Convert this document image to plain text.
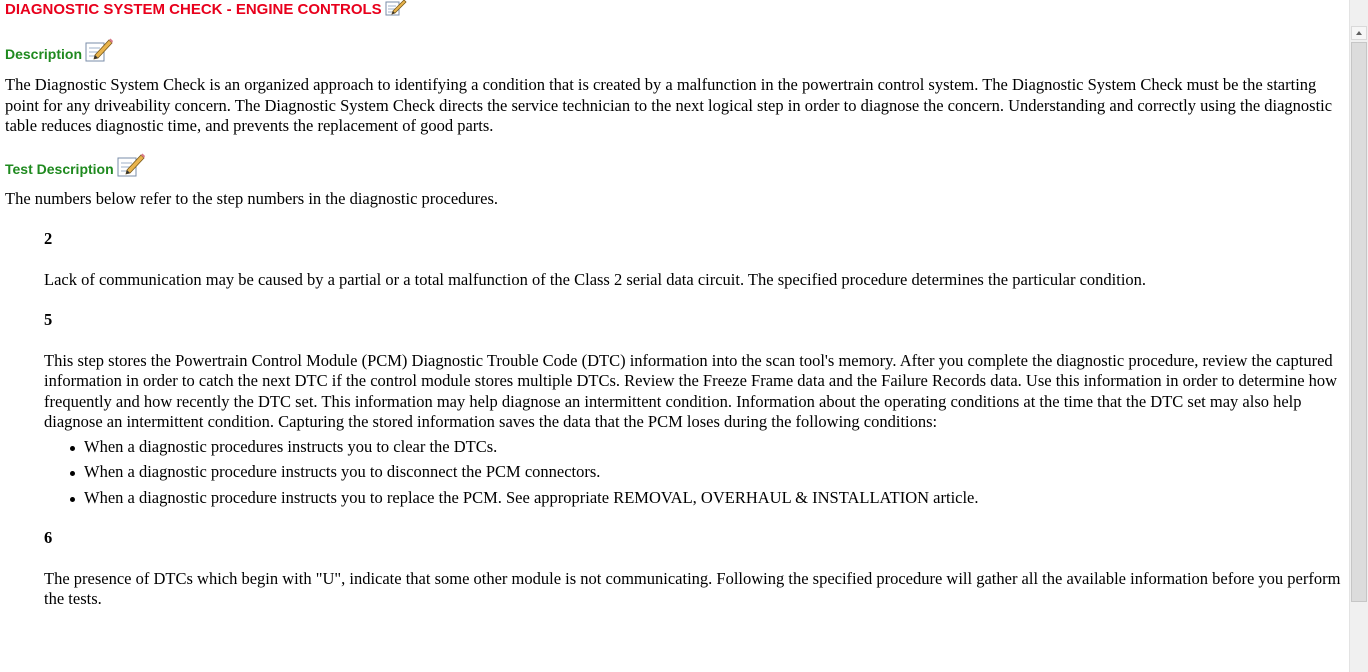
DIAGNOSTIC SYSTEM CHECK - ENGINE CONTROLS
Description

The Diagnostic System Check is an organized approach to identifying a condition that is created by a malfunction in the powertrain control system. The Diagnostic System Check must be the starting point for any driveability concern. The Diagnostic System Check directs the service technician to the next logical step in order to diagnose the concern. Understanding and correctly using the diagnostic table reduces diagnostic time, and prevents the replacement of good parts.

Test Description

The numbers below refer to the step numbers in the diagnostic procedures.

2

Lack of communication may be caused by a partial or a total malfunction of the Class 2 serial data circuit. The specified procedure determines the particular condition.

5

This step stores the Powertrain Control Module (PCM) Diagnostic Trouble Code (DTC) information into the scan tool's memory. After you complete the diagnostic procedure, review the captured information in order to catch the next DTC if the control module stores multiple DTCs. Review the Freeze Frame data and the Failure Records data. Use this information in order to determine how frequently and how recently the DTC set. This information may help diagnose an intermittent condition. Information about the operating conditions at the time that the DTC set may also help diagnose an intermittent condition. Capturing the stored information saves the data that the PCM loses during the following conditions:

When a diagnostic procedures instructs you to clear the DTCs.
When a diagnostic procedure instructs you to disconnect the PCM connectors.
When a diagnostic procedure instructs you to replace the PCM. See appropriate REMOVAL, OVERHAUL & INSTALLATION article.
6

The presence of DTCs which begin with "U", indicate that some other module is not communicating. Following the specified procedure will gather all the available information before you perform the tests.
